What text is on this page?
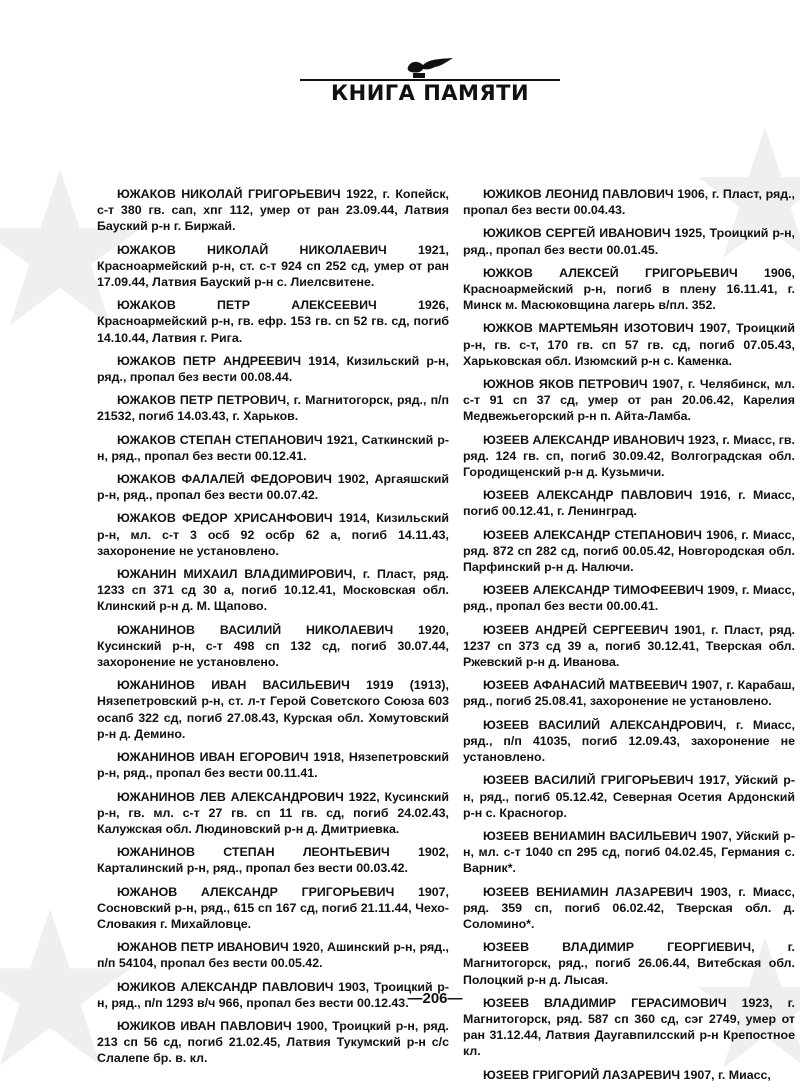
КНИГА ПАМЯТИ

ЮЖАКОВ НИКОЛАЙ ГРИГОРЬЕВИЧ 1922, г. Копейск, с-т 380 гв. сап, хпг 112, умер от ран 23.09.44, Латвия Бауский р-н г. Биржай.

ЮЖАКОВ НИКОЛАЙ НИКОЛАЕВИЧ 1921, Красноармейский р-н, ст. с-т 924 сп 252 сд, умер от ран 17.09.44, Латвия Бауский р-н с. Лиелсвитене.

ЮЖАКОВ ПЕТР АЛЕКСЕЕВИЧ 1926, Красноармейский р-н, гв. ефр. 153 гв. сп 52 гв. сд, погиб 14.10.44, Латвия г. Рига.

ЮЖАКОВ ПЕТР АНДРЕЕВИЧ 1914, Кизильский р-н, ряд., пропал без вести 00.08.44.

ЮЖАКОВ ПЕТР ПЕТРОВИЧ, г. Магнитогорск, ряд., п/п 21532, погиб 14.03.43, г. Харьков.

ЮЖАКОВ СТЕПАН СТЕПАНОВИЧ 1921, Саткинский р-н, ряд., пропал без вести 00.12.41.

ЮЖАКОВ ФАЛАЛЕЙ ФЕДОРОВИЧ 1902, Аргаяшский р-н, ряд., пропал без вести 00.07.42.

ЮЖАКОВ ФЕДОР ХРИСАНФОВИЧ 1914, Кизильский р-н, мл. с-т 3 осб 92 осбр 62 а, погиб 14.11.43, захоронение не установлено.

ЮЖАНИН МИХАИЛ ВЛАДИМИРОВИЧ, г. Пласт, ряд. 1233 сп 371 сд 30 а, погиб 10.12.41, Московская обл. Клинский р-н д. М. Щапово.

ЮЖАНИНОВ ВАСИЛИЙ НИКОЛАЕВИЧ 1920, Кусинский р-н, с-т 498 сп 132 сд, погиб 30.07.44, захоронение не установлено.

ЮЖАНИНОВ ИВАН ВАСИЛЬЕВИЧ 1919 (1913), Нязепетровский р-н, ст. л-т Герой Советского Союза 603 осапб 322 сд, погиб 27.08.43, Курская обл. Хомутовский р-н д. Демино.

ЮЖАНИНОВ ИВАН ЕГОРОВИЧ 1918, Нязепетровский р-н, ряд., пропал без вести 00.11.41.

ЮЖАНИНОВ ЛЕВ АЛЕКСАНДРОВИЧ 1922, Кусинский р-н, гв. мл. с-т 27 гв. сп 11 гв. сд, погиб 24.02.43, Калужская обл. Людиновский р-н д. Дмитриевка.

ЮЖАНИНОВ СТЕПАН ЛЕОНТЬЕВИЧ 1902, Карталинский р-н, ряд., пропал без вести 00.03.42.

ЮЖАНОВ АЛЕКСАНДР ГРИГОРЬЕВИЧ 1907, Сосновский р-н, ряд., 615 сп 167 сд, погиб 21.11.44, Чехо-Словакия г. Михайловце.

ЮЖАНОВ ПЕТР ИВАНОВИЧ 1920, Ашинский р-н, ряд., п/п 54104, пропал без вести 00.05.42.

ЮЖИКОВ АЛЕКСАНДР ПАВЛОВИЧ 1903, Троицкий р-н, ряд., п/п 1293 в/ч 966, пропал без вести 00.12.43.

ЮЖИКОВ ИВАН ПАВЛОВИЧ 1900, Троицкий р-н, ряд. 213 сп 56 сд, погиб 21.02.45, Латвия Тукумский р-н с/с Слалепе бр. в. кл.

ЮЖИКОВ ЛЕОНИД ПАВЛОВИЧ 1906, г. Пласт, ряд., пропал без вести 00.04.43.

ЮЖИКОВ СЕРГЕЙ ИВАНОВИЧ 1925, Троицкий р-н, ряд., пропал без вести 00.01.45.

ЮЖКОВ АЛЕКСЕЙ ГРИГОРЬЕВИЧ 1906, Красноармейский р-н, погиб в плену 16.11.41, г. Минск м. Масюковщина лагерь в/пл. 352.

ЮЖКОВ МАРТЕМЬЯН ИЗОТОВИЧ 1907, Троицкий р-н, гв. с-т, 170 гв. сп 57 гв. сд, погиб 07.05.43, Харьковская обл. Изюмский р-н с. Каменка.

ЮЖНОВ ЯКОВ ПЕТРОВИЧ 1907, г. Челябинск, мл. с-т 91 сп 37 сд, умер от ран 20.06.42, Карелия Медвежьегорский р-н п. Айта-Ламба.

ЮЗЕЕВ АЛЕКСАНДР ИВАНОВИЧ 1923, г. Миасс, гв. ряд. 124 гв. сп, погиб 30.09.42, Волгоградская обл. Городищенский р-н д. Кузьмичи.

ЮЗЕЕВ АЛЕКСАНДР ПАВЛОВИЧ 1916, г. Миасс, погиб 00.12.41, г. Ленинград.

ЮЗЕЕВ АЛЕКСАНДР СТЕПАНОВИЧ 1906, г. Миасс, ряд. 872 сп 282 сд, погиб 00.05.42, Новгородская обл. Парфинский р-н д. Налючи.

ЮЗЕЕВ АЛЕКСАНДР ТИМОФЕЕВИЧ 1909, г. Миасс, ряд., пропал без вести 00.00.41.

ЮЗЕЕВ АНДРЕЙ СЕРГЕЕВИЧ 1901, г. Пласт, ряд. 1237 сп 373 сд 39 а, погиб 30.12.41, Тверская обл. Ржевский р-н д. Иванова.

ЮЗЕЕВ АФАНАСИЙ МАТВЕЕВИЧ 1907, г. Карабаш, ряд., погиб 25.08.41, захоронение не установлено.

ЮЗЕЕВ ВАСИЛИЙ АЛЕКСАНДРОВИЧ, г. Миасс, ряд., п/п 41035, погиб 12.09.43, захоронение не установлено.

ЮЗЕЕВ ВАСИЛИЙ ГРИГОРЬЕВИЧ 1917, Уйский р-н, ряд., погиб 05.12.42, Северная Осетия Ардонский р-н с. Красногор.

ЮЗЕЕВ ВЕНИАМИН ВАСИЛЬЕВИЧ 1907, Уйский р-н, мл. с-т 1040 сп 295 сд, погиб 04.02.45, Германия с. Варник*.

ЮЗЕЕВ ВЕНИАМИН ЛАЗАРЕВИЧ 1903, г. Миасс, ряд. 359 сп, погиб 06.02.42, Тверская обл. д. Соломино*.

ЮЗЕЕВ ВЛАДИМИР ГЕОРГИЕВИЧ, г. Магнитогорск, ряд., погиб 26.06.44, Витебская обл. Полоцкий р-н д. Лысая.

ЮЗЕЕВ ВЛАДИМИР ГЕРАСИМОВИЧ 1923, г. Магнитогорск, ряд. 587 сп 360 сд, сэг 2749, умер от ран 31.12.44, Латвия Даугавпилсский р-н Крепостное кл.

ЮЗЕЕВ ГРИГОРИЙ ЛАЗАРЕВИЧ 1907, г. Миасс,

—206—
